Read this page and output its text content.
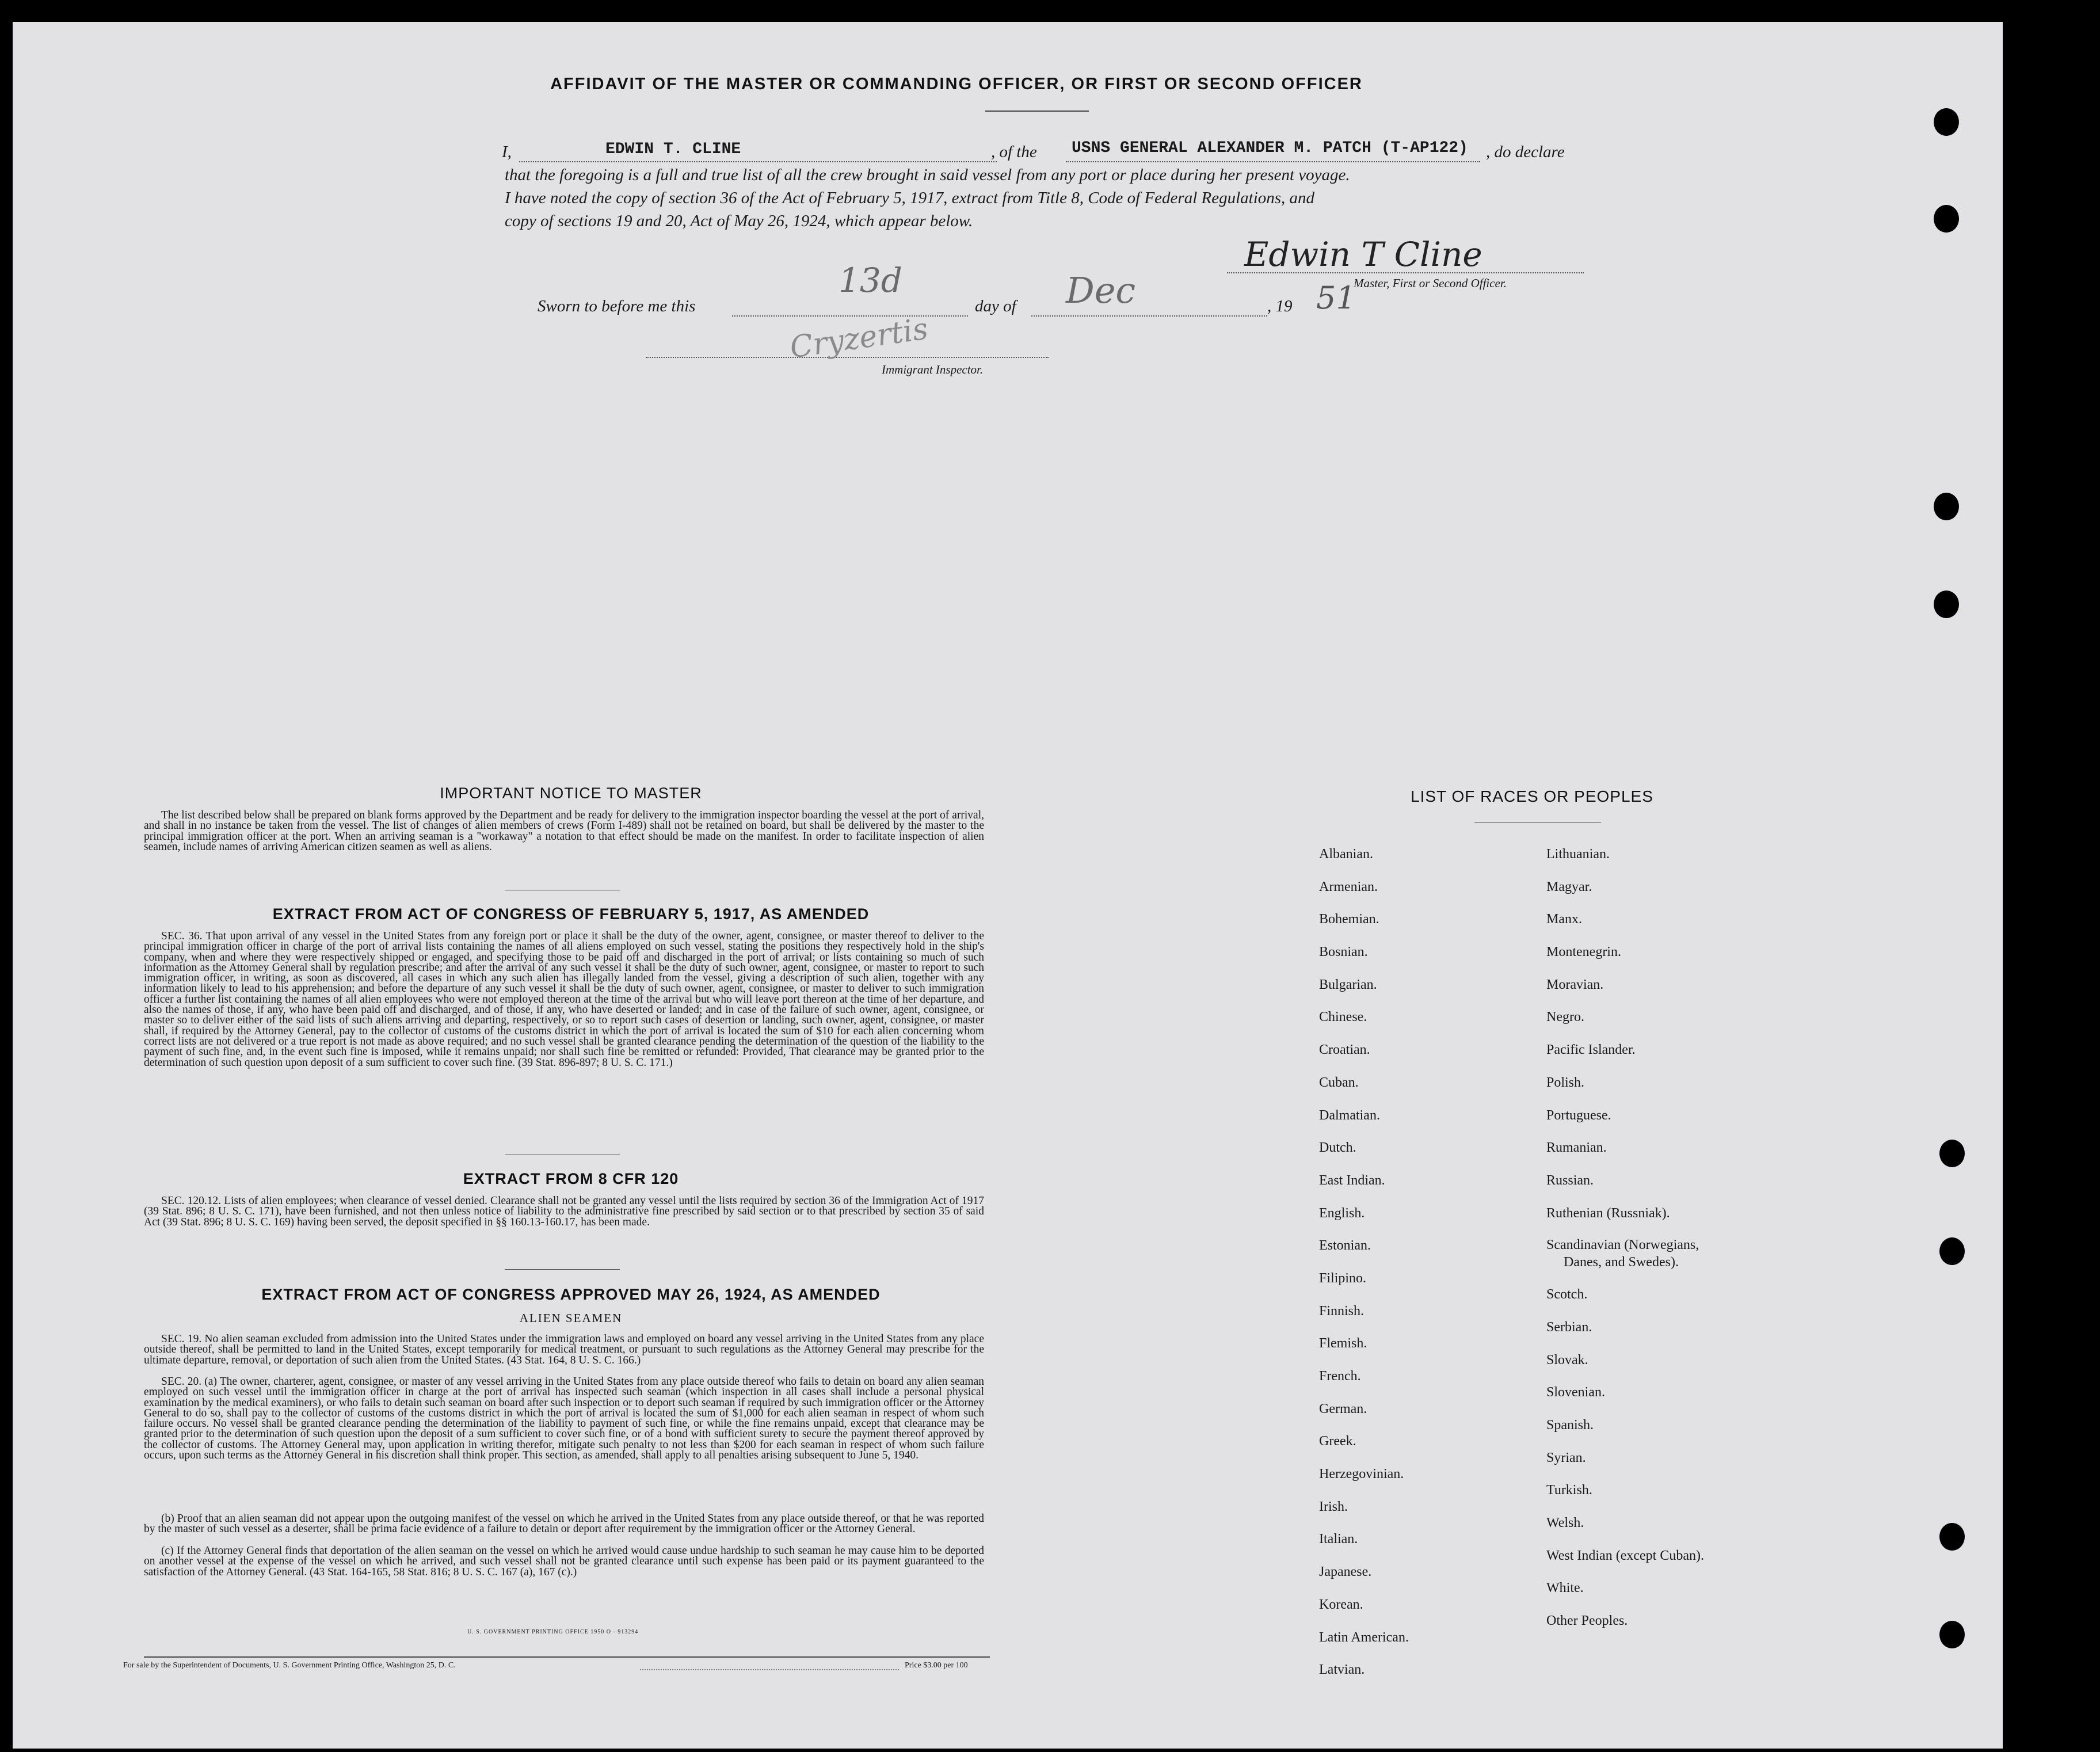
AFFIDAVIT OF THE MASTER OR COMMANDING OFFICER, OR FIRST OR SECOND OFFICER
I,	EDWIN T. CLINE	, of the USNS GENERAL ALEXANDER M. PATCH (T-AP122) , do declare
that the foregoing is a full and true list of all the crew brought in said vessel from any port or place during her present voyage.
I have noted the copy of section 36 of the Act of February 5, 1917, extract from Title 8, Code of Federal Regulations, and
copy of sections 19 and 20, Act of May 26, 1924, which appear below.
Edwin T Cline
Master, First or Second Officer.
Sworn to before me this
13d
day of Dec	, 19 51
Cryzertis
Immigrant Inspector.
IMPORTANT NOTICE TO MASTER

The list described below shall be prepared on blank forms approved by the Department and be ready for delivery to the immigration inspector boarding the vessel at the port of arrival, and shall in no instance be taken from the vessel. The list of changes of alien members of crews (Form I-489) shall not be retained on board, but shall be delivered by the master to the principal immigration officer at the port. When an arriving seaman is a "workaway" a notation to that effect should be made on the manifest. In order to facilitate inspection of alien seamen, include names of arriving American citizen seamen as well as aliens.

EXTRACT FROM ACT OF CONGRESS OF FEBRUARY 5, 1917, AS AMENDED

SEC. 36. That upon arrival of any vessel in the United States from any foreign port or place it shall be the duty of the owner, agent, consignee, or master thereof to deliver to the principal immigration officer in charge of the port of arrival lists containing the names of all aliens employed on such vessel, stating the positions they respectively hold in the ship's company, when and where they were respectively shipped or engaged, and specifying those to be paid off and discharged in the port of arrival; or lists containing so much of such information as the Attorney General shall by regulation prescribe; and after the arrival of any such vessel it shall be the duty of such owner, agent, consignee, or master to report to such immigration officer, in writing, as soon as discovered, all cases in which any such alien has illegally landed from the vessel, giving a description of such alien, together with any information likely to lead to his apprehension; and before the departure of any such vessel it shall be the duty of such owner, agent, consignee, or master to deliver to such immigration officer a further list containing the names of all alien employees who were not employed thereon at the time of the arrival but who will leave port thereon at the time of her departure, and also the names of those, if any, who have been paid off and discharged, and of those, if any, who have deserted or landed; and in case of the failure of such owner, agent, consignee, or master so to deliver either of the said lists of such aliens arriving and departing, respectively, or so to report such cases of desertion or landing, such owner, agent, consignee, or master shall, if required by the Attorney General, pay to the collector of customs of the customs district in which the port of arrival is located the sum of $10 for each alien concerning whom correct lists are not delivered or a true report is not made as above required; and no such vessel shall be granted clearance pending the determination of the question of the liability to the payment of such fine, and, in the event such fine is imposed, while it remains unpaid; nor shall such fine be remitted or refunded: Provided, That clearance may be granted prior to the determination of such question upon deposit of a sum sufficient to cover such fine. (39 Stat. 896-897; 8 U. S. C. 171.)

EXTRACT FROM 8 CFR 120

SEC. 120.12. Lists of alien employees; when clearance of vessel denied. Clearance shall not be granted any vessel until the lists required by section 36 of the Immigration Act of 1917 (39 Stat. 896; 8 U. S. C. 171), have been furnished, and not then unless notice of liability to the administrative fine prescribed by said section or to that prescribed by section 35 of said Act (39 Stat. 896; 8 U. S. C. 169) having been served, the deposit specified in §§ 160.13-160.17, has been made.

EXTRACT FROM ACT OF CONGRESS APPROVED MAY 26, 1924, AS AMENDED
ALIEN SEAMEN

SEC. 19. No alien seaman excluded from admission into the United States under the immigration laws and employed on board any vessel arriving in the United States from any place outside thereof, shall be permitted to land in the United States, except temporarily for medical treatment, or pursuant to such regulations as the Attorney General may prescribe for the ultimate departure, removal, or deportation of such alien from the United States. (43 Stat. 164, 8 U. S. C. 166.)

SEC. 20. (a) The owner, charterer, agent, consignee, or master of any vessel arriving in the United States from any place outside thereof who fails to detain on board any alien seaman employed on such vessel until the immigration officer in charge at the port of arrival has inspected such seaman (which inspection in all cases shall include a personal physical examination by the medical examiners), or who fails to detain such seaman on board after such inspection or to deport such seaman if required by such immigration officer or the Attorney General to do so, shall pay to the collector of customs of the customs district in which the port of arrival is located the sum of $1,000 for each alien seaman in respect of whom such failure occurs. No vessel shall be granted clearance pending the determination of the liability to payment of such fine, or while the fine remains unpaid, except that clearance may be granted prior to the determination of such question upon the deposit of a sum sufficient to cover such fine, or of a bond with sufficient surety to secure the payment thereof approved by the collector of customs. The Attorney General may, upon application in writing therefor, mitigate such penalty to not less than $200 for each seaman in respect of whom such failure occurs, upon such terms as the Attorney General in his discretion shall think proper. This section, as amended, shall apply to all penalties arising subsequent to June 5, 1940.

(b) Proof that an alien seaman did not appear upon the outgoing manifest of the vessel on which he arrived in the United States from any place outside thereof, or that he was reported by the master of such vessel as a deserter, shall be prima facie evidence of a failure to detain or deport after requirement by the immigration officer or the Attorney General.

(c) If the Attorney General finds that deportation of the alien seaman on the vessel on which he arrived would cause undue hardship to such seaman he may cause him to be deported on another vessel at the expense of the vessel on which he arrived, and such vessel shall not be granted clearance until such expense has been paid or its payment guaranteed to the satisfaction of the Attorney General. (43 Stat. 164-165, 58 Stat. 816; 8 U. S. C. 167 (a), 167 (c).)

U. S. GOVERNMENT PRINTING OFFICE 1950 O - 913294
For sale by the Superintendent of Documents, U. S. Government Printing Office, Washington 25, D. C.	Price $3.00 per 100
LIST OF RACES OR PEOPLES
Albanian.
Armenian.
Bohemian.
Bosnian.
Bulgarian.
Chinese.
Croatian.
Cuban.
Dalmatian.
Dutch.
East Indian.
English.
Estonian.
Filipino.
Finnish.
Flemish.
French.
German.
Greek.
Herzegovinian.
Irish.
Italian.
Japanese.
Korean.
Latin American.
Latvian.
Lithuanian.
Magyar.
Manx.
Montenegrin.
Moravian.
Negro.
Pacific Islander.
Polish.
Portuguese.
Rumanian.
Russian.
Ruthenian (Russniak).
Scandinavian (Norwegians,
Danes, and Swedes).
Scotch.
Serbian.
Slovak.
Slovenian.
Spanish.
Syrian.
Turkish.
Welsh.
West Indian (except Cuban).
White.
Other Peoples.
